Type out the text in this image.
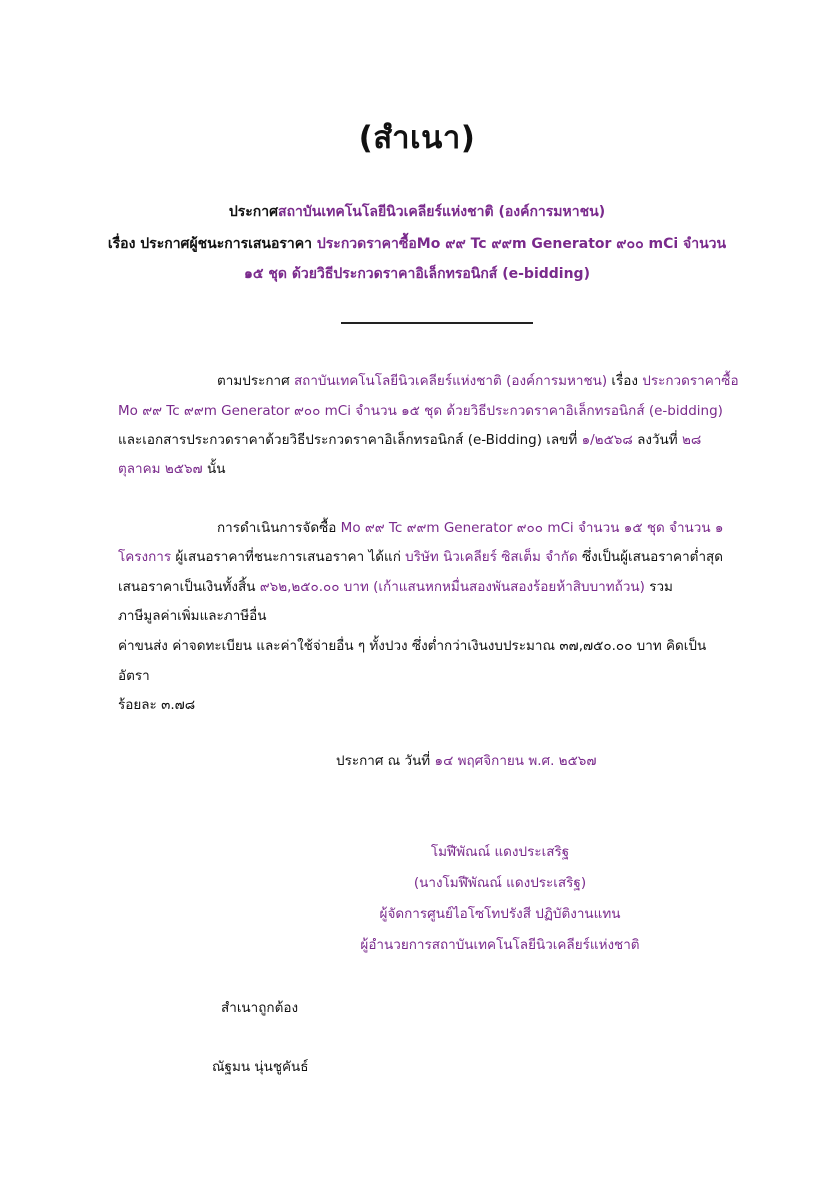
(สำเนา)
ประกาศสถาบันเทคโนโลยีนิวเคลียร์แห่งชาติ (องค์การมหาชน)
เรื่อง ประกาศผู้ชนะการเสนอราคา ประกวดราคาซื้อMo ๙๙ Tc ๙๙m Generator ๙๐๐ mCi จำนวน
๑๕ ชุด ด้วยวิธีประกวดราคาอิเล็กทรอนิกส์ (e-bidding)
ตามประกาศ สถาบันเทคโนโลยีนิวเคลียร์แห่งชาติ (องค์การมหาชน) เรื่อง ประกวดราคาซื้อ
Mo ๙๙ Tc ๙๙m Generator ๙๐๐ mCi จำนวน ๑๕ ชุด ด้วยวิธีประกวดราคาอิเล็กทรอนิกส์ (e-bidding)
และเอกสารประกวดราคาด้วยวิธีประกวดราคาอิเล็กทรอนิกส์ (e-Bidding) เลขที่ ๑/๒๕๖๘ ลงวันที่ ๒๘
ตุลาคม ๒๕๖๗ นั้น
การดำเนินการจัดซื้อ Mo ๙๙ Tc ๙๙m Generator ๙๐๐ mCi จำนวน ๑๕ ชุด จำนวน ๑
โครงการ ผู้เสนอราคาที่ชนะการเสนอราคา ได้แก่ บริษัท นิวเคลียร์ ซิสเต็ม จำกัด ซึ่งเป็นผู้เสนอราคาต่ำสุด
เสนอราคาเป็นเงินทั้งสิ้น ๙๖๒,๒๕๐.๐๐ บาท (เก้าแสนหกหมื่นสองพันสองร้อยห้าสิบบาทถ้วน) รวม
ภาษีมูลค่าเพิ่มและภาษีอื่น
ค่าขนส่ง ค่าจดทะเบียน และค่าใช้จ่ายอื่น ๆ ทั้งปวง ซึ่งต่ำกว่าเงินงบประมาณ ๓๗,๗๕๐.๐๐ บาท คิดเป็น
อัตรา
ร้อยละ ๓.๗๘
ประกาศ ณ วันที่ ๑๔ พฤศจิกายน พ.ศ. ๒๕๖๗
โมฬีพัณณ์ แดงประเสริฐ
(นางโมฬีพัณณ์ แดงประเสริฐ)
ผู้จัดการศูนย์ไอโซโทปรังสี ปฏิบัติงานแทน
ผู้อำนวยการสถาบันเทคโนโลยีนิวเคลียร์แห่งชาติ
สำเนาถูกต้อง
ณัฐมน นุ่นชูคันธ์
